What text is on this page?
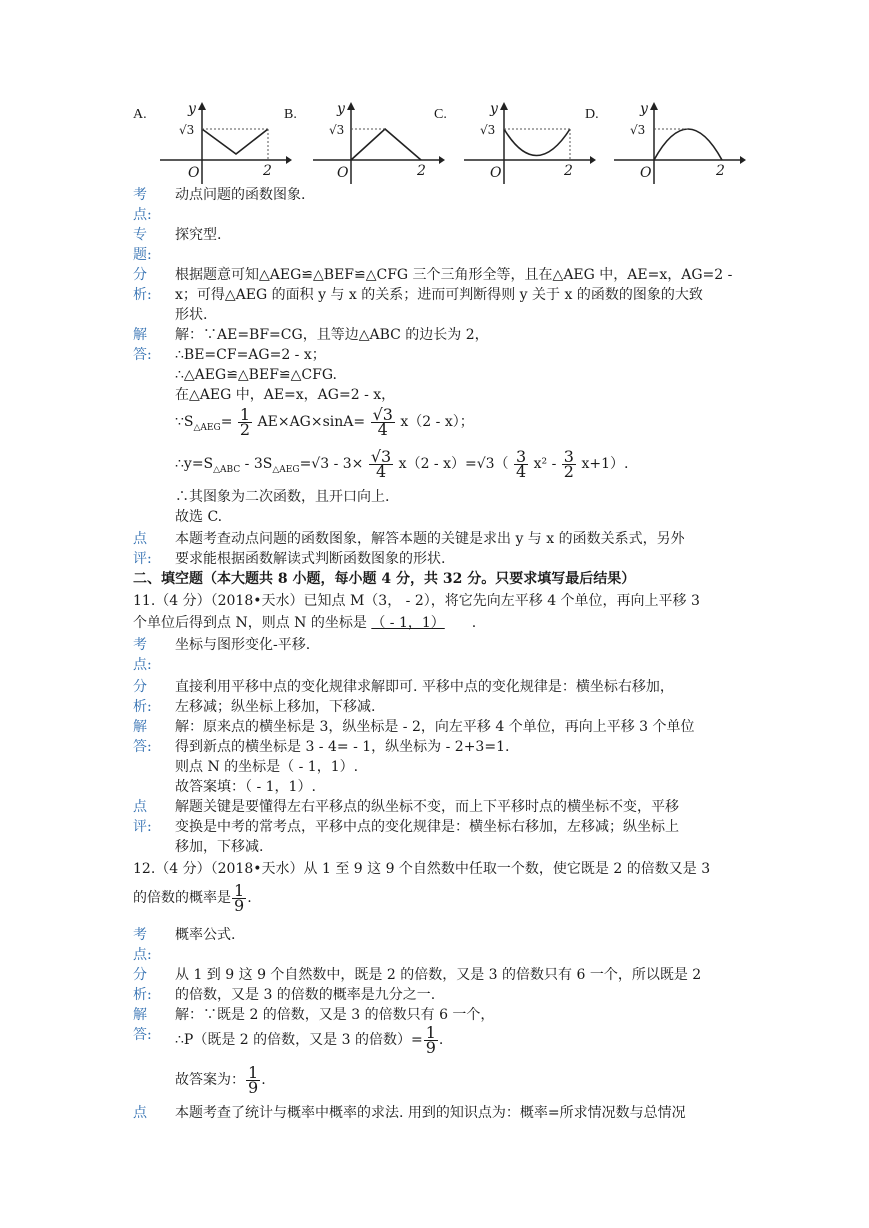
A.	y
√3
O	2
B.	y
√3
O	2
C.	y
√3
O	2
D.	y
√3
O	2
考
点:
动点问题的函数图象.
专
题:
探究型.
分
析:
根据题意可知△AEG≌△BEF≌△CFG 三个三角形全等，且在△AEG 中，AE=x，AG=2 -
x；可得△AEG 的面积 y 与 x 的关系；进而可判断得则 y 关于 x 的函数的图象的大致
形状.
解
答:
解：∵AE=BF=CG，且等边△ABC 的边长为 2，
∴BE=CF=AG=2 - x；
∴△AEG≌△BEF≌△CFG.
在△AEG 中，AE=x，AG=2 - x，
$\because S_{\triangle AEG}= \frac{1}{2} AE\times AG\times\sin A= \frac{√3}{4} x(2 - x)$；
$\therefore y=S_{\triangle ABC} - 3S_{\triangle AEG}=√3 - 3\times \frac{√3}{4} x(2 - x)=√3( \frac{3}{4} x^2 - \frac{3}{2} x+1)$.
∴其图象为二次函数，且开口向上.
故选 C.
点
评:
本题考查动点问题的函数图象，解答本题的关键是求出 y 与 x 的函数关系式，另外
要求能根据函数解读式判断函数图象的形状.
二、填空题（本大题共 8 小题，每小题 4 分，共 32 分。只要求填写最后结果）
11.（4 分）（2018•天水）已知点 M（3， - 2），将它先向左平移 4 个单位，再向上平移 3
个单位后得到点 N，则点 N 的坐标是 （ - 1，1） .
考
点:
坐标与图形变化-平移.
分
析:
直接利用平移中点的变化规律求解即可. 平移中点的变化规律是：横坐标右移加，
左移减；纵坐标上移加，下移减.
解
答:
解：原来点的横坐标是 3，纵坐标是 - 2，向左平移 4 个单位，再向上平移 3 个单位
得到新点的横坐标是 3 - 4= - 1，纵坐标为 - 2+3=1.
则点 N 的坐标是（ - 1，1）.
故答案填：（ - 1，1）.
点
评:
解题关键是要懂得左右平移点的纵坐标不变，而上下平移时点的横坐标不变，平移
变换是中考的常考点，平移中点的变化规律是：横坐标右移加，左移减；纵坐标上
移加，下移减.
12.（4 分）（2018•天水）从 1 至 9 这 9 个自然数中任取一个数，使它既是 2 的倍数又是 3
的倍数的概率是 $\frac{1}{9}$ .
考
点:
概率公式.
分
析:
从 1 到 9 这 9 个自然数中，既是 2 的倍数，又是 3 的倍数只有 6 一个，所以既是 2
的倍数，又是 3 的倍数的概率是九分之一.
解
答:
解：∵既是 2 的倍数，又是 3 的倍数只有 6 一个，
∴P（既是 2 的倍数，又是 3 的倍数）= $\frac{1}{9}$ .
故答案为： $\frac{1}{9}$ .
点 本题考查了统计与概率中概率的求法. 用到的知识点为：概率=所求情况数与总情况
